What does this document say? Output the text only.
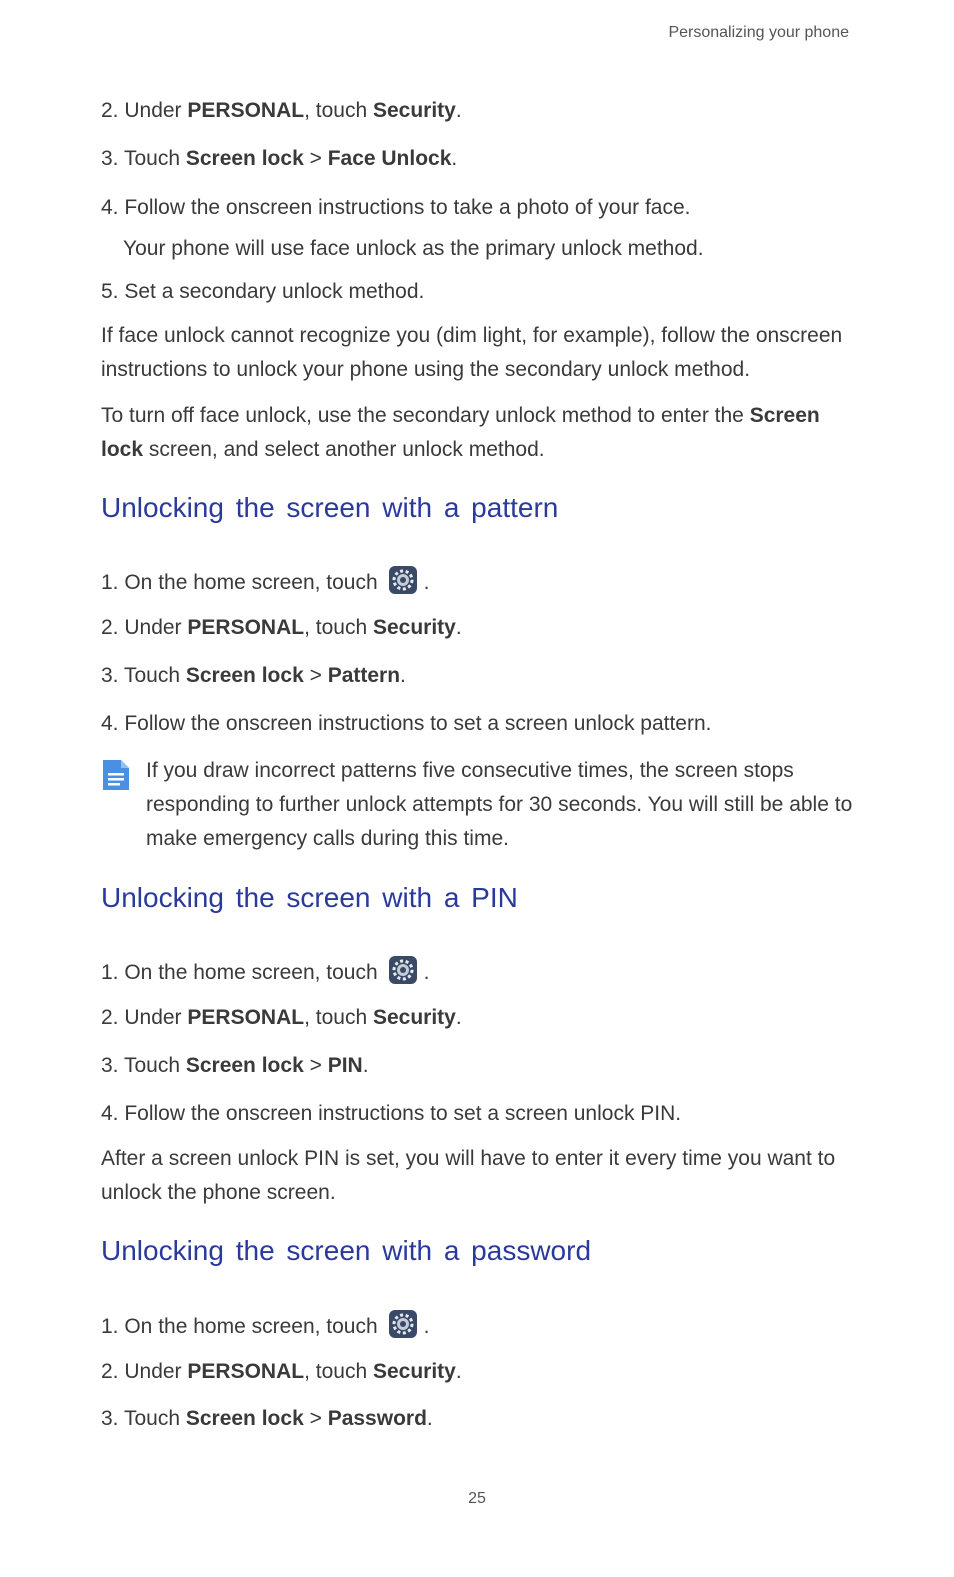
Personalizing your phone
2. Under PERSONAL, touch Security.
3. Touch Screen lock > Face Unlock.
4. Follow the onscreen instructions to take a photo of your face.
Your phone will use face unlock as the primary unlock method.
5. Set a secondary unlock method.
If face unlock cannot recognize you (dim light, for example), follow the onscreen instructions to unlock your phone using the secondary unlock method.
To turn off face unlock, use the secondary unlock method to enter the Screen lock screen, and select another unlock method.
Unlocking the screen with a pattern
1. On the home screen, touch .
2. Under PERSONAL, touch Security.
3. Touch Screen lock > Pattern.
4. Follow the onscreen instructions to set a screen unlock pattern.
If you draw incorrect patterns five consecutive times, the screen stops responding to further unlock attempts for 30 seconds. You will still be able to make emergency calls during this time.
Unlocking the screen with a PIN
1. On the home screen, touch .
2. Under PERSONAL, touch Security.
3. Touch Screen lock > PIN.
4. Follow the onscreen instructions to set a screen unlock PIN.
After a screen unlock PIN is set, you will have to enter it every time you want to unlock the phone screen.
Unlocking the screen with a password
1. On the home screen, touch .
2. Under PERSONAL, touch Security.
3. Touch Screen lock > Password.
25
